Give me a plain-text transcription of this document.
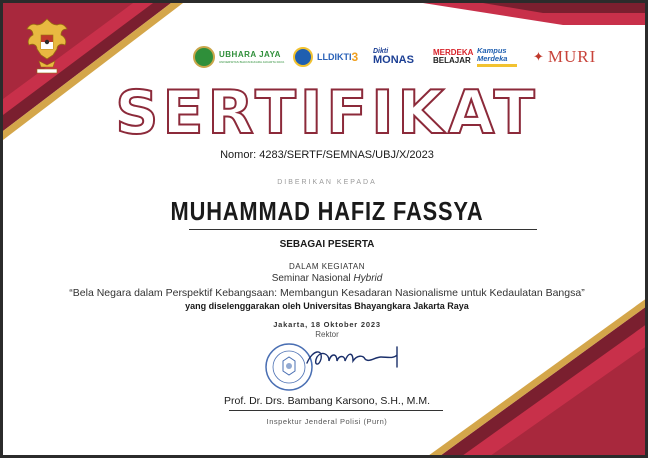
UBHARA JAYA
UNIVERSITAS BHAYANGKARA JAKARTA RAYA	LLDIKTI 3 Dikti
MONAS
MERDEKA
BELAJAR
Kampus
Merdeka ✦ MURI
SERTIFIKAT
Nomor: 4283/SERTF/SEMNAS/UBJ/X/2023
DIBERIKAN KEPADA
MUHAMMAD HAFIZ FASSYA
SEBAGAI PESERTA
DALAM KEGIATAN
Seminar Nasional Hybrid
“Bela Negara dalam Perspektif Kebangsaan: Membangun Kesadaran Nasionalisme untuk Kedaulatan Bangsa”
yang diselenggarakan oleh Universitas Bhayangkara Jakarta Raya
Jakarta, 18 Oktober 2023
Rektor
Prof. Dr. Drs. Bambang Karsono, S.H., M.M.
Inspektur Jenderal Polisi (Purn)
